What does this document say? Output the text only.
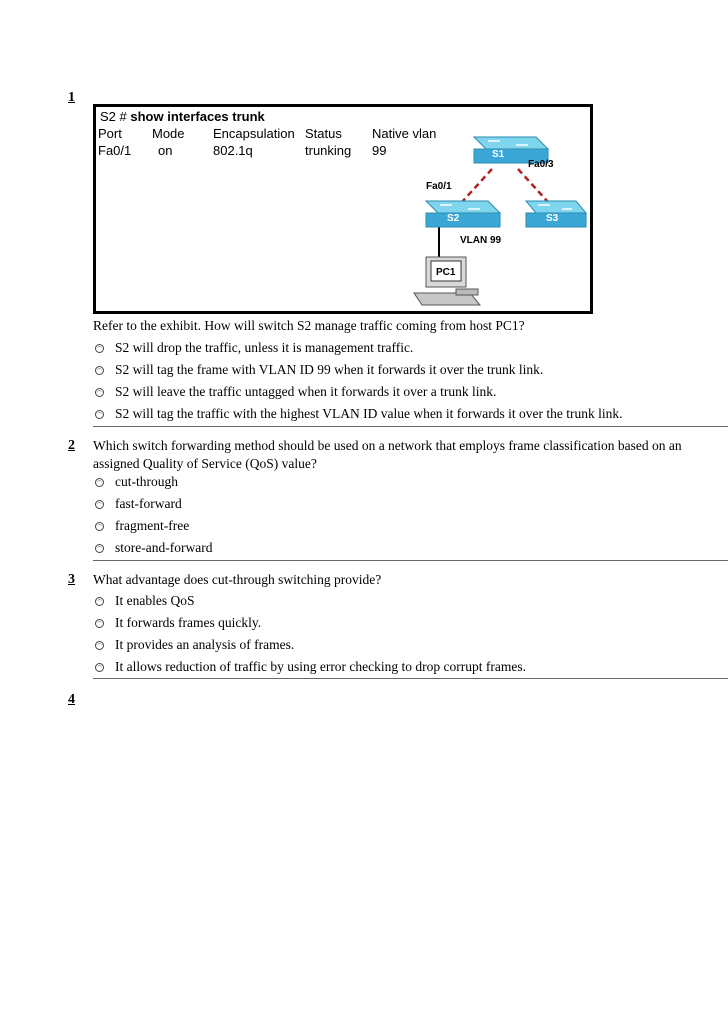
1
S2 # show interfaces trunk
Port Mode Encapsulation Status Native vlan
Fa0/1 on	802.1q	trunking 99	S1
S2	S3
PC1
Fa0/3
Fa0/1
VLAN 99
Refer to the exhibit. How will switch S2 manage traffic coming from host PC1?
S2 will drop the traffic, unless it is management traffic.
S2 will tag the frame with VLAN ID 99 when it forwards it over the trunk link.
S2 will leave the traffic untagged when it forwards it over a trunk link.
S2 will tag the traffic with the highest VLAN ID value when it forwards it over the trunk link.
2 Which switch forwarding method should be used on a network that employs frame classification based on an
assigned Quality of Service (QoS) value?
cut-through
fast-forward
fragment-free
store-and-forward
3 What advantage does cut-through switching provide?
It enables QoS
It forwards frames quickly.
It provides an analysis of frames.
It allows reduction of traffic by using error checking to drop corrupt frames.
4
